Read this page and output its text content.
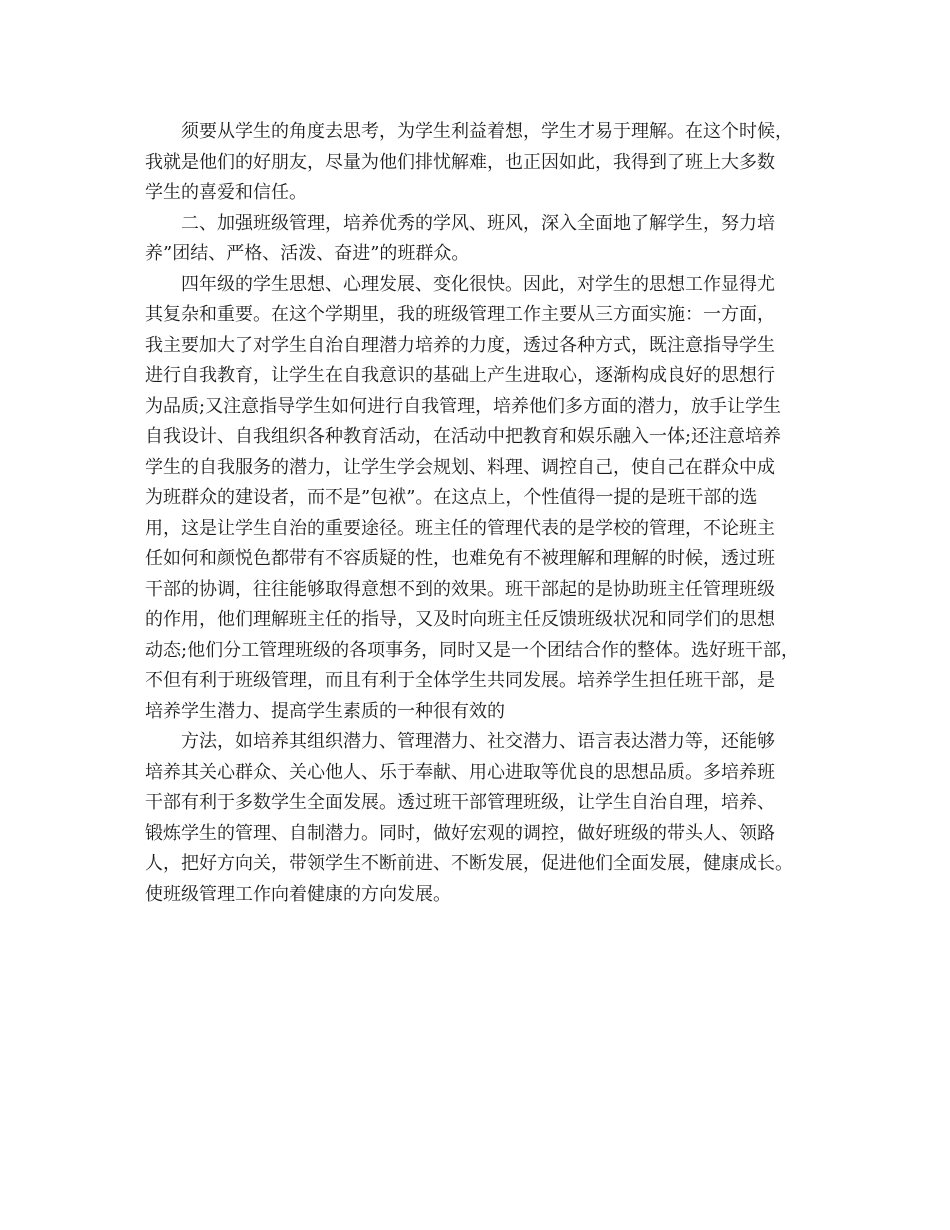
须要从学生的角度去思考，为学生利益着想，学生才易于理解。在这个时候，
我就是他们的好朋友，尽量为他们排忧解难，也正因如此，我得到了班上大多数
学生的喜爱和信任。
二、加强班级管理，培养优秀的学风、班风，深入全面地了解学生，努力培
养”团结、严格、活泼、奋进”的班群众。
四年级的学生思想、心理发展、变化很快。因此，对学生的思想工作显得尤
其复杂和重要。在这个学期里，我的班级管理工作主要从三方面实施：一方面，
我主要加大了对学生自治自理潜力培养的力度，透过各种方式，既注意指导学生
进行自我教育，让学生在自我意识的基础上产生进取心，逐渐构成良好的思想行
为品质;又注意指导学生如何进行自我管理，培养他们多方面的潜力，放手让学生
自我设计、自我组织各种教育活动，在活动中把教育和娱乐融入一体;还注意培养
学生的自我服务的潜力，让学生学会规划、料理、调控自己，使自己在群众中成
为班群众的建设者，而不是”包袱”。在这点上，个性值得一提的是班干部的选
用，这是让学生自治的重要途径。班主任的管理代表的是学校的管理，不论班主
任如何和颜悦色都带有不容质疑的性，也难免有不被理解和理解的时候，透过班
干部的协调，往往能够取得意想不到的效果。班干部起的是协助班主任管理班级
的作用，他们理解班主任的指导，又及时向班主任反馈班级状况和同学们的思想
动态;他们分工管理班级的各项事务，同时又是一个团结合作的整体。选好班干部，
不但有利于班级管理，而且有利于全体学生共同发展。培养学生担任班干部，是
培养学生潜力、提高学生素质的一种很有效的
方法，如培养其组织潜力、管理潜力、社交潜力、语言表达潜力等，还能够
培养其关心群众、关心他人、乐于奉献、用心进取等优良的思想品质。多培养班
干部有利于多数学生全面发展。透过班干部管理班级，让学生自治自理，培养、
锻炼学生的管理、自制潜力。同时，做好宏观的调控，做好班级的带头人、领路
人，把好方向关，带领学生不断前进、不断发展，促进他们全面发展，健康成长。
使班级管理工作向着健康的方向发展。
